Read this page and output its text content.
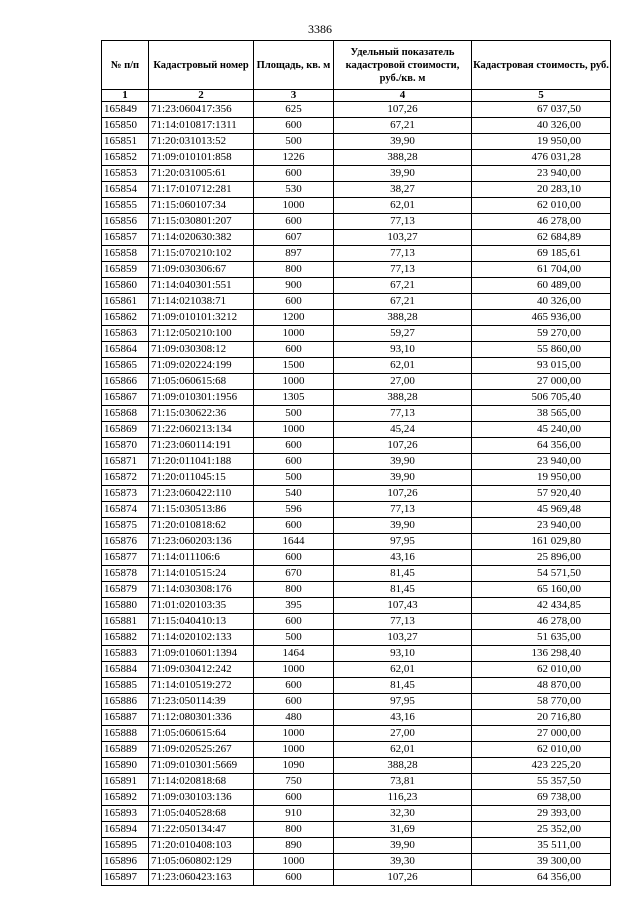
3386
№ п/п	Кадастровый номер	Площадь, кв. м	Удельный показатель кадастровой стоимости, руб./кв. м	Кадастровая стоимость, руб.
1	2	3	4	5
165849	71:23:060417:356	625	107,26	67 037,50
165850	71:14:010817:1311	600	67,21	40 326,00
165851	71:20:031013:52	500	39,90	19 950,00
165852	71:09:010101:858	1226	388,28	476 031,28
165853	71:20:031005:61	600	39,90	23 940,00
165854	71:17:010712:281	530	38,27	20 283,10
165855	71:15:060107:34	1000	62,01	62 010,00
165856	71:15:030801:207	600	77,13	46 278,00
165857	71:14:020630:382	607	103,27	62 684,89
165858	71:15:070210:102	897	77,13	69 185,61
165859	71:09:030306:67	800	77,13	61 704,00
165860	71:14:040301:551	900	67,21	60 489,00
165861	71:14:021038:71	600	67,21	40 326,00
165862	71:09:010101:3212	1200	388,28	465 936,00
165863	71:12:050210:100	1000	59,27	59 270,00
165864	71:09:030308:12	600	93,10	55 860,00
165865	71:09:020224:199	1500	62,01	93 015,00
165866	71:05:060615:68	1000	27,00	27 000,00
165867	71:09:010301:1956	1305	388,28	506 705,40
165868	71:15:030622:36	500	77,13	38 565,00
165869	71:22:060213:134	1000	45,24	45 240,00
165870	71:23:060114:191	600	107,26	64 356,00
165871	71:20:011041:188	600	39,90	23 940,00
165872	71:20:011045:15	500	39,90	19 950,00
165873	71:23:060422:110	540	107,26	57 920,40
165874	71:15:030513:86	596	77,13	45 969,48
165875	71:20:010818:62	600	39,90	23 940,00
165876	71:23:060203:136	1644	97,95	161 029,80
165877	71:14:011106:6	600	43,16	25 896,00
165878	71:14:010515:24	670	81,45	54 571,50
165879	71:14:030308:176	800	81,45	65 160,00
165880	71:01:020103:35	395	107,43	42 434,85
165881	71:15:040410:13	600	77,13	46 278,00
165882	71:14:020102:133	500	103,27	51 635,00
165883	71:09:010601:1394	1464	93,10	136 298,40
165884	71:09:030412:242	1000	62,01	62 010,00
165885	71:14:010519:272	600	81,45	48 870,00
165886	71:23:050114:39	600	97,95	58 770,00
165887	71:12:080301:336	480	43,16	20 716,80
165888	71:05:060615:64	1000	27,00	27 000,00
165889	71:09:020525:267	1000	62,01	62 010,00
165890	71:09:010301:5669	1090	388,28	423 225,20
165891	71:14:020818:68	750	73,81	55 357,50
165892	71:09:030103:136	600	116,23	69 738,00
165893	71:05:040528:68	910	32,30	29 393,00
165894	71:22:050134:47	800	31,69	25 352,00
165895	71:20:010408:103	890	39,90	35 511,00
165896	71:05:060802:129	1000	39,30	39 300,00
165897	71:23:060423:163	600	107,26	64 356,00
